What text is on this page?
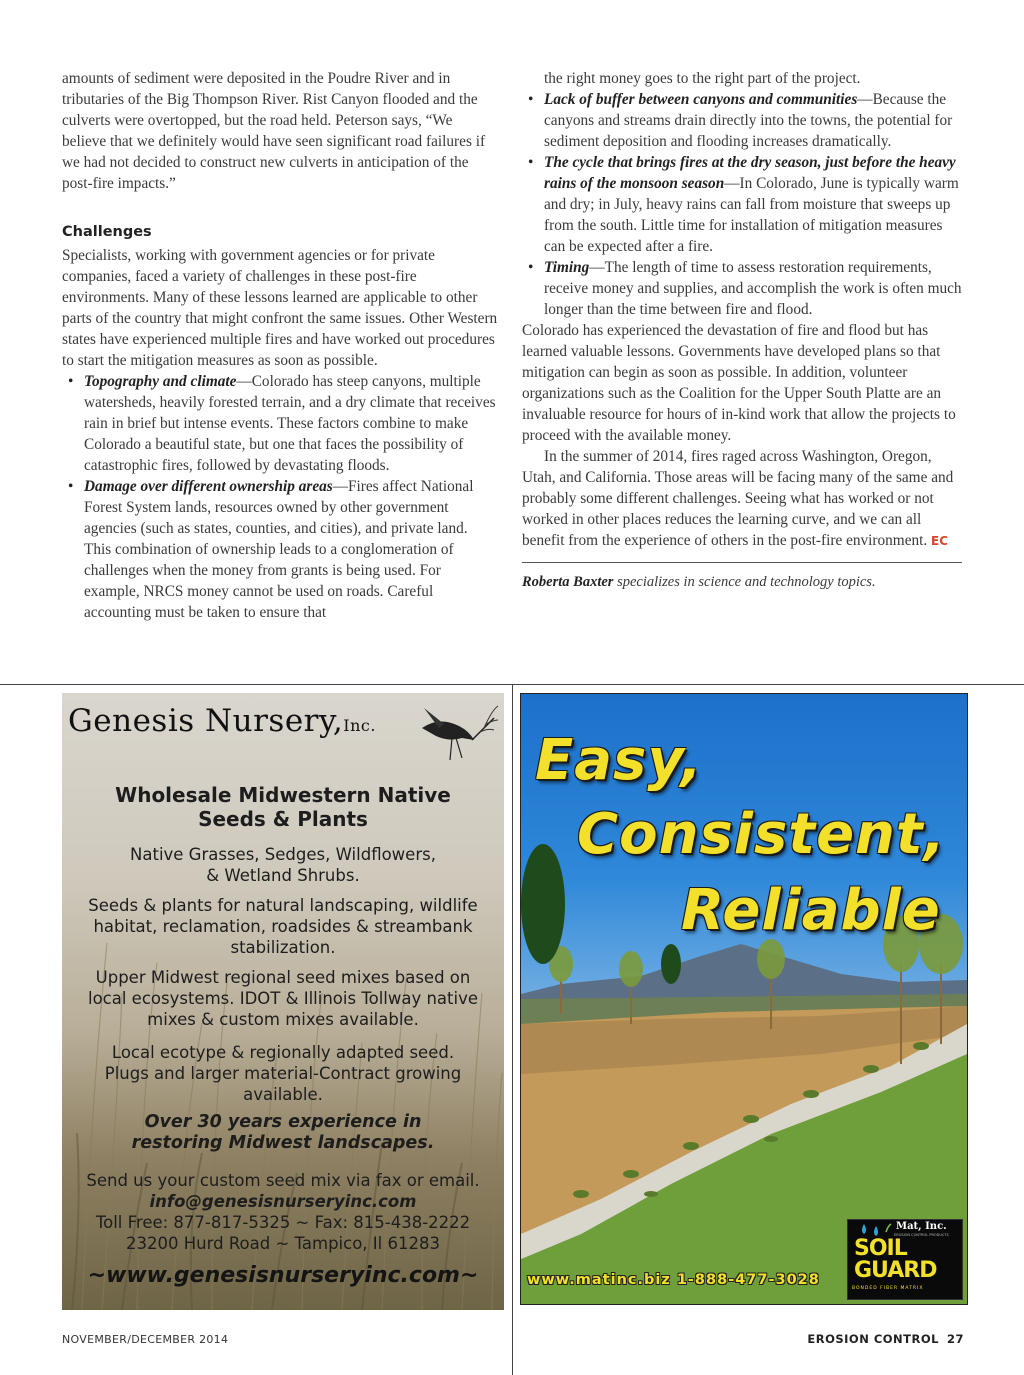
amounts of sediment were deposited in the Poudre River and in tributaries of the Big Thompson River. Rist Canyon flooded and the culverts were overtopped, but the road held. Peterson says, “We believe that we definitely would have seen significant road failures if we had not decided to construct new culverts in anticipation of the post-fire impacts.”

Challenges

Specialists, working with government agencies or for private companies, faced a variety of challenges in these post-fire environments. Many of these lessons learned are applicable to other parts of the country that might confront the same issues. Other Western states have experienced multiple fires and have worked out procedures to start the mitigation measures as soon as possible.

• Topography and climate—Colorado has steep canyons, multiple watersheds, heavily forested terrain, and a dry climate that receives rain in brief but intense events. These factors combine to make Colorado a beautiful state, but one that faces the possibility of catastrophic fires, followed by devastating floods.
• Damage over different ownership areas—Fires affect National Forest System lands, resources owned by other government agencies (such as states, counties, and cities), and private land. This combination of ownership leads to a conglomeration of challenges when the money from grants is being used. For example, NRCS money cannot be used on roads. Careful accounting must be taken to ensure that

the right money goes to the right part of the project.

• Lack of buffer between canyons and communities—Because the canyons and streams drain directly into the towns, the potential for sediment deposition and flooding increases dramatically.
• The cycle that brings fires at the dry season, just before the heavy rains of the monsoon season—In Colorado, June is typically warm and dry; in July, heavy rains can fall from moisture that sweeps up from the south. Little time for installation of mitigation measures can be expected after a fire.
• Timing—The length of time to assess restoration requirements, receive money and supplies, and accomplish the work is often much longer than the time between fire and flood.

Colorado has experienced the devastation of fire and flood but has learned valuable lessons. Governments have developed plans so that mitigation can begin as soon as possible. In addition, volunteer organizations such as the Coalition for the Upper South Platte are an invaluable resource for hours of in-kind work that allow the projects to proceed with the available money.

In the summer of 2014, fires raged across Washington, Oregon, Utah, and California. Those areas will be facing many of the same and probably some different challenges. Seeing what has worked or not worked in other places reduces the learning curve, and we can all benefit from the experience of others in the post-fire environment. EC

Roberta Baxter specializes in science and technology topics.

Genesis Nursery,Inc.
Wholesale Midwestern Native
Seeds & Plants
Native Grasses, Sedges, Wildflowers,
& Wetland Shrubs.
Seeds & plants for natural landscaping, wildlife
habitat, reclamation, roadsides & streambank
stabilization.
Upper Midwest regional seed mixes based on
local ecosystems. IDOT & Illinois Tollway native
mixes & custom mixes available.
Local ecotype & regionally adapted seed.
Plugs and larger material-Contract growing
available.
Over 30 years experience in
restoring Midwest landscapes.
Send us your custom seed mix via fax or email.
info@genesisnurseryinc.com
Toll Free: 877-817-5325 ~ Fax: 815-438-2222
23200 Hurd Road ~ Tampico, Il 61283
~www.genesisnurseryinc.com~
Easy,
Consistent,
Reliable
Mat, Inc.
EROSION CONTROL PRODUCTS
SOIL
GUARD
BONDED FIBER MATRIX
www.matinc.biz 1-888-477-3028
NOVEMBER/DECEMBER 2014	EROSION CONTROL 27
